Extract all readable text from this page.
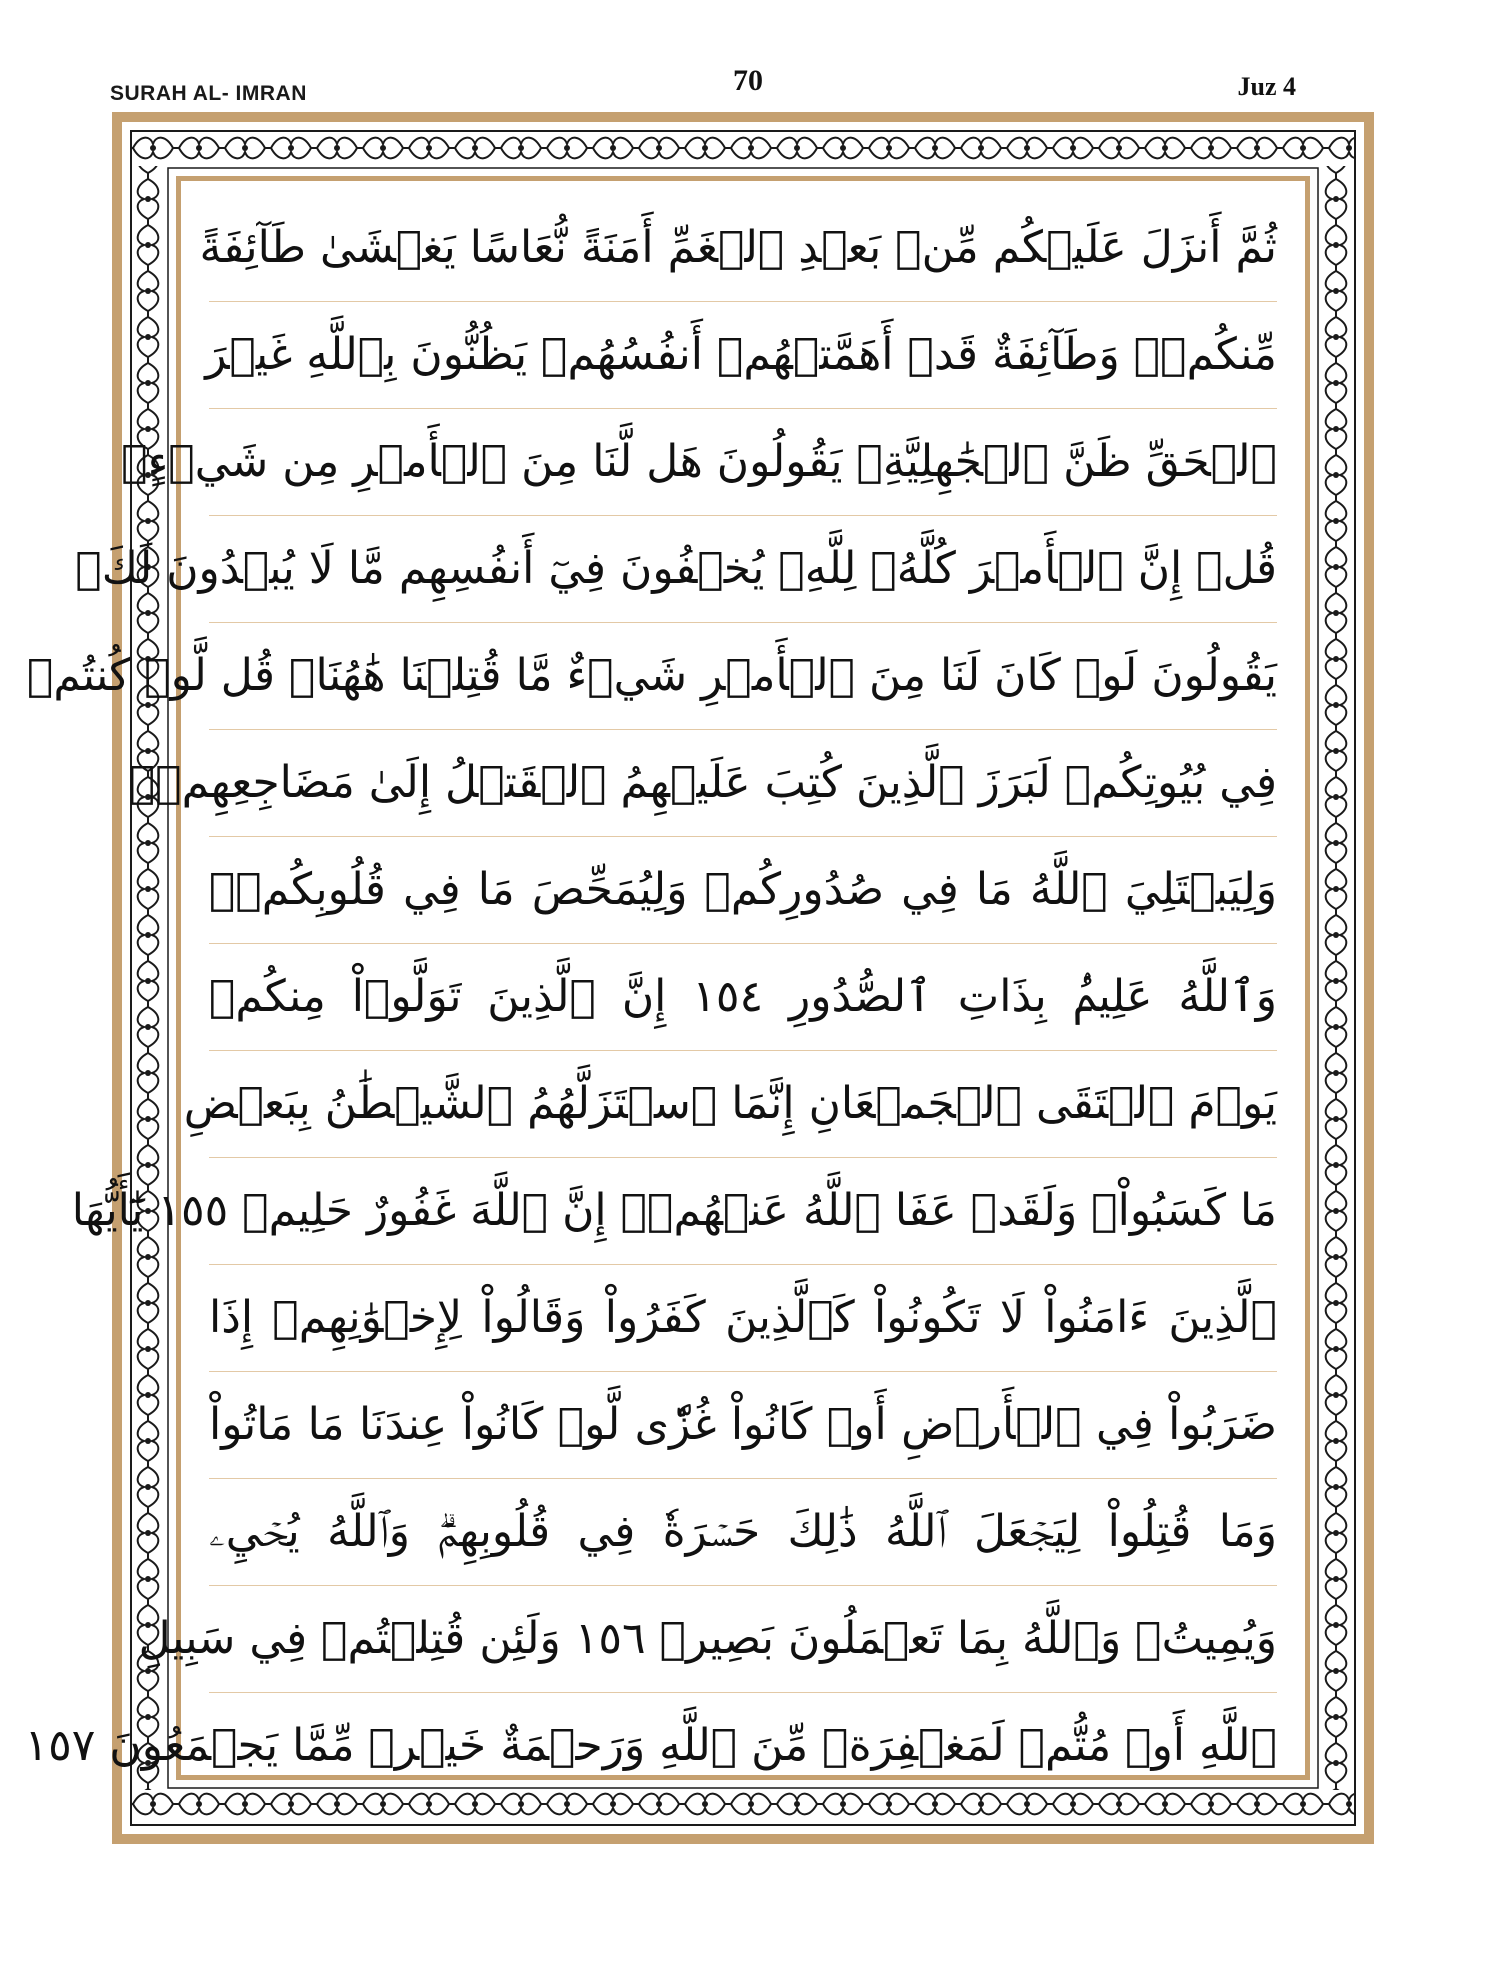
SURAH AL- IMRAN	70	Juz 4
ثُمَّ أَنزَلَ عَلَيۡكُم مِّنۢ بَعۡدِ ٱلۡغَمِّ أَمَنَةً نُّعَاسًا يَغۡشَىٰ طَآئِفَةً
مِّنكُمۡۖ وَطَآئِفَةٌ قَدۡ أَهَمَّتۡهُمۡ أَنفُسُهُمۡ يَظُنُّونَ بِٱللَّهِ غَيۡرَ
ٱلۡحَقِّ ظَنَّ ٱلۡجَٰهِلِيَّةِۖ يَقُولُونَ هَل لَّنَا مِنَ ٱلۡأَمۡرِ مِن شَيۡءٍۗ
قُلۡ إِنَّ ٱلۡأَمۡرَ كُلَّهُۥ لِلَّهِۗ يُخۡفُونَ فِيٓ أَنفُسِهِم مَّا لَا يُبۡدُونَ لَكَۖ
يَقُولُونَ لَوۡ كَانَ لَنَا مِنَ ٱلۡأَمۡرِ شَيۡءٌ مَّا قُتِلۡنَا هَٰهُنَاۗ قُل لَّوۡ كُنتُمۡ
فِي بُيُوتِكُمۡ لَبَرَزَ ٱلَّذِينَ كُتِبَ عَلَيۡهِمُ ٱلۡقَتۡلُ إِلَىٰ مَضَاجِعِهِمۡۖ
وَلِيَبۡتَلِيَ ٱللَّهُ مَا فِي صُدُورِكُمۡ وَلِيُمَحِّصَ مَا فِي قُلُوبِكُمۡۚ
وَٱللَّهُ عَلِيمُۢ بِذَاتِ ٱلصُّدُورِ ١٥٤ إِنَّ ٱلَّذِينَ تَوَلَّوۡاْ مِنكُمۡ
يَوۡمَ ٱلۡتَقَى ٱلۡجَمۡعَانِ إِنَّمَا ٱسۡتَزَلَّهُمُ ٱلشَّيۡطَٰنُ بِبَعۡضِ
مَا كَسَبُواْۖ وَلَقَدۡ عَفَا ٱللَّهُ عَنۡهُمۡۗ إِنَّ ٱللَّهَ غَفُورٌ حَلِيمٞ ١٥٥ يَٰٓأَيُّهَا
ٱلَّذِينَ ءَامَنُواْ لَا تَكُونُواْ كَٱلَّذِينَ كَفَرُواْ وَقَالُواْ لِإِخۡوَٰنِهِمۡ إِذَا
ضَرَبُواْ فِي ٱلۡأَرۡضِ أَوۡ كَانُواْ غُزّٗى لَّوۡ كَانُواْ عِندَنَا مَا مَاتُواْ
وَمَا قُتِلُواْ لِيَجۡعَلَ ٱللَّهُ ذَٰلِكَ حَسۡرَةٗ فِي قُلُوبِهِمۡۗ وَٱللَّهُ يُحۡيِۦ
وَيُمِيتُۗ وَٱللَّهُ بِمَا تَعۡمَلُونَ بَصِيرٞ ١٥٦ وَلَئِن قُتِلۡتُمۡ فِي سَبِيلِ
ٱللَّهِ أَوۡ مُتُّمۡ لَمَغۡفِرَةٞ مِّنَ ٱللَّهِ وَرَحۡمَةٌ خَيۡرٞ مِّمَّا يَجۡمَعُونَ ١٥٧
